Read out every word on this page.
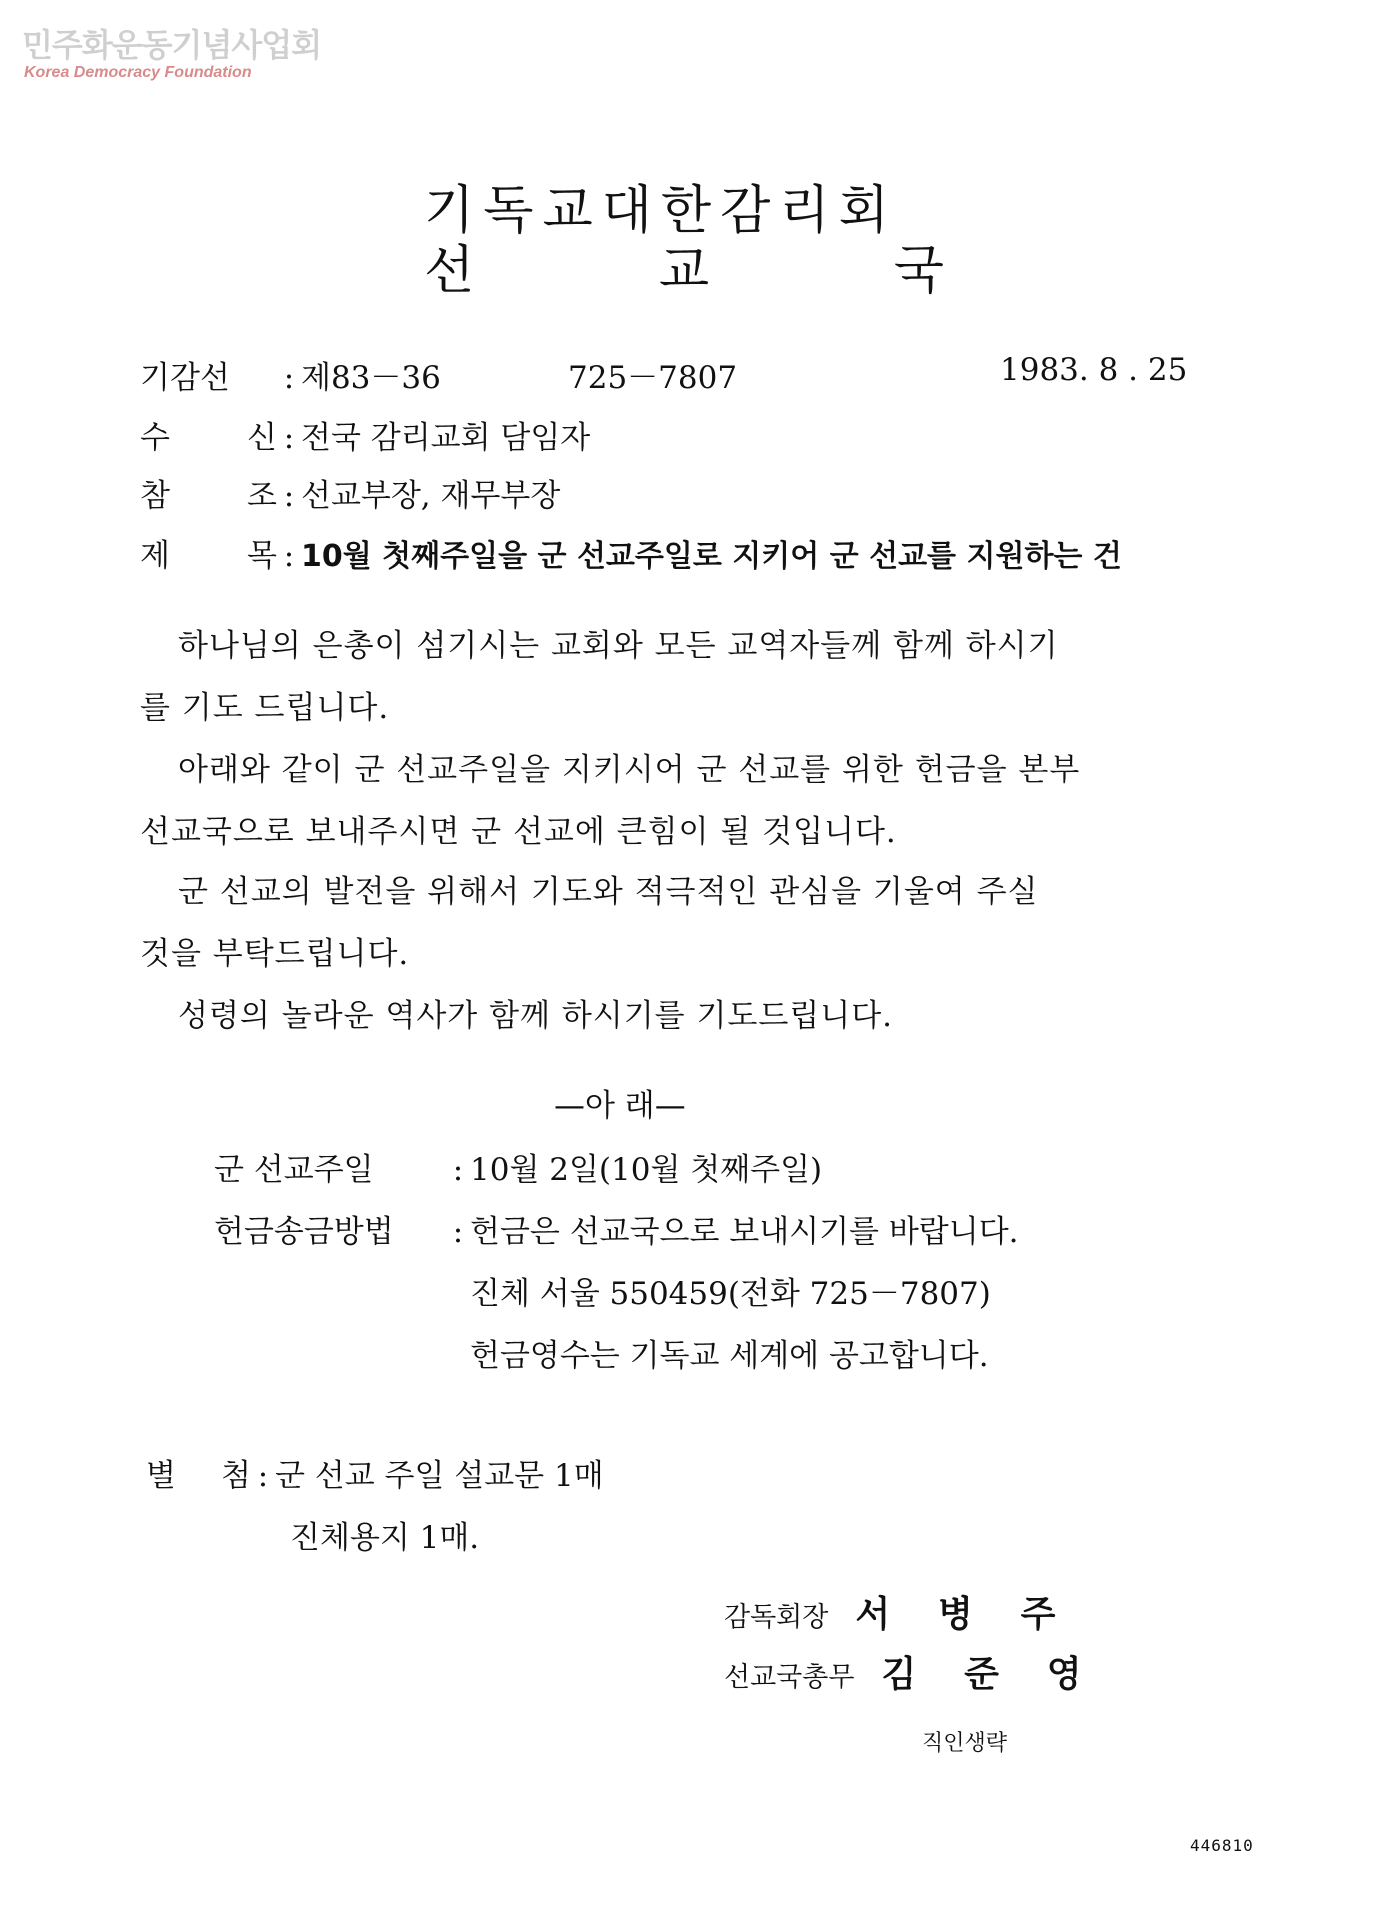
민주화운동기념사업회
Korea Democracy Foundation
기독교대한감리회
선	교	국
기감선 : 제83－36	725－7807	1983. 8 . 25
수 신 : 전국 감리교회 담임자
참 조 : 선교부장, 재무부장
제 목 : 10월 첫째주일을 군 선교주일로 지키어 군 선교를 지원하는 건
하나님의 은총이 섬기시는 교회와 모든 교역자들께 함께 하시기
를 기도 드립니다.
아래와 같이 군 선교주일을 지키시어 군 선교를 위한 헌금을 본부
선교국으로 보내주시면 군 선교에 큰힘이 될 것입니다.
군 선교의 발전을 위해서 기도와 적극적인 관심을 기울여 주실
것을 부탁드립니다.
성령의 놀라운 역사가 함께 하시기를 기도드립니다.
—아 래—
군 선교주일	: 10월 2일(10월 첫째주일)
헌금송금방법 : 헌금은 선교국으로 보내시기를 바랍니다.
진체 서울 550459(전화 725－7807)
헌금영수는 기독교 세계에 공고합니다.
별 첨 : 군 선교 주일 설교문 1매
진체용지 1매.
감독회장 서 병 주
선교국총무 김 준 영
직인생략
446810
